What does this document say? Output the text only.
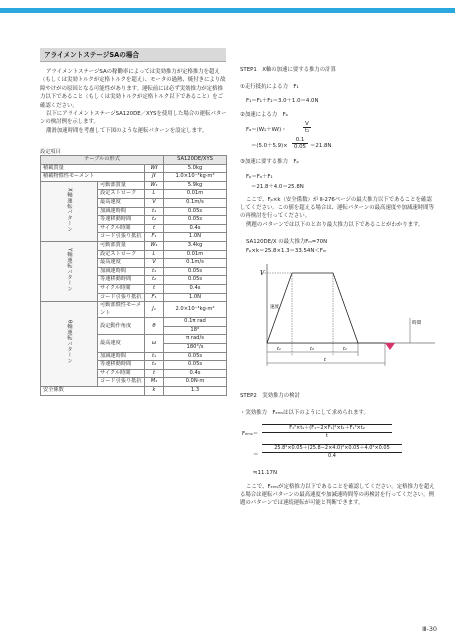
アライメントステージSAの場合

アライメントステージSAの稼働率によっては実効推力が定格推力を超え（もしくは実効トルクが定格トルクを超え）、モータの過熱、焼付きにより故障やけがの原因となる可能性があります。運転前には必ず実効推力が定格推力以下であること（もしくは実効トルクが定格トルク以下であること）をご確認ください。

以下にアライメントステージSA120DE／XYSを使用した場合の運転パターンの検討例を示します。

潮滑加速時間を考慮して下図のような運転パターンを設定します。

設定項目
テーブルの形式			SA120DE/XYS
積載質量		Wℓ	5.0kg
積載物慣性モーメント		Jℓ	1.0×10⁻³kg·m²
X軸運転パターン	可動部質量	W₁	5.9kg
	設定ストローク	L	0.01m
	最高速度	V	0.1m/s
	加減速時間	t₁	0.05s
	等速移動時間	t₂	0.05s
	サイクル時間	t	0.4s
	コード引張り抵抗	F₁	1.0N
Y軸運転パターン	可動部質量	W₁	3.4kg
	設定ストローク	L	0.01m
	最高速度	V	0.1m/s
	加減速時間	t₁	0.05s
	等速移動時間	t₂	0.05s
	サイクル時間	t	0.4s
	コード引張り抵抗	F₁	1.0N
θ軸運転パターン	可動部慣性モーメント	J₁	2.0×10⁻⁴kg·m²
	設定動作角度	θ	0.1π rad
18°

	最高速度	ω	π rad/s
180°/s

	加減速時間	t₁	0.05s
	等速移動時間	t₂	0.05s
	サイクル時間	t	0.4s
	コード引張り抵抗	M₁	0.0N·m
安全係数		k	1.3
STEP1　X軸の加速に要する推力の計算
①走行抵抗による力　F₁
F₁＝F₁＋F₂＝3.0＋1.0＝4.0N
②加速による力　Fₐ
Fₐ＝(W₁＋Wℓ)・	$\frac{V}{\text{t₁}}$
$=(5.0+5.9)\times \frac{0.1}{0.05} =21.8N$
③加速に要する推力　Fₚ
Fₚ＝Fₐ＋F₁
＝21.8＋4.0＝25.8N
ここで、Fₚ×k（安全係数）が Ⅱ-276ページの最大推力以下であることを確認してください。この値を超える場合は、運転パターンの最高速度や加減速時間等の再検討を行ってください。
例題のパターンでは以下のとおり最大推力以下であることがわかります。
SA120DE/X の最大推力Fₘ=70N
Fₚ×k＝25.8×1.3＝33.54N＜Fₘ
V
速度
時間
t₁	t₂	t₁
t
STEP2　実効推力の検討
・実効推力　Fₑₘₛは以下のようにして求められます。
$F_{ems}= \frac{\text{F₁²×t₁＋(F₁−2×F₁)²×t₁＋F₁²×t₂}}{t}$
＝ $\frac{\text{25.8²×0.05＋(25.8−2×4.0)²×0.05＋4.0²×0.05}}{0.4}$
≒11.17N
ここで、Fₑₘₛが定格推力以下であることを確認してください。定格推力を超える場合は運転パターンの最高速度や加減速時間等の再検討を行ってください。例題のパターンでは連続運転が可能と判断できます。
Ⅲ-30
